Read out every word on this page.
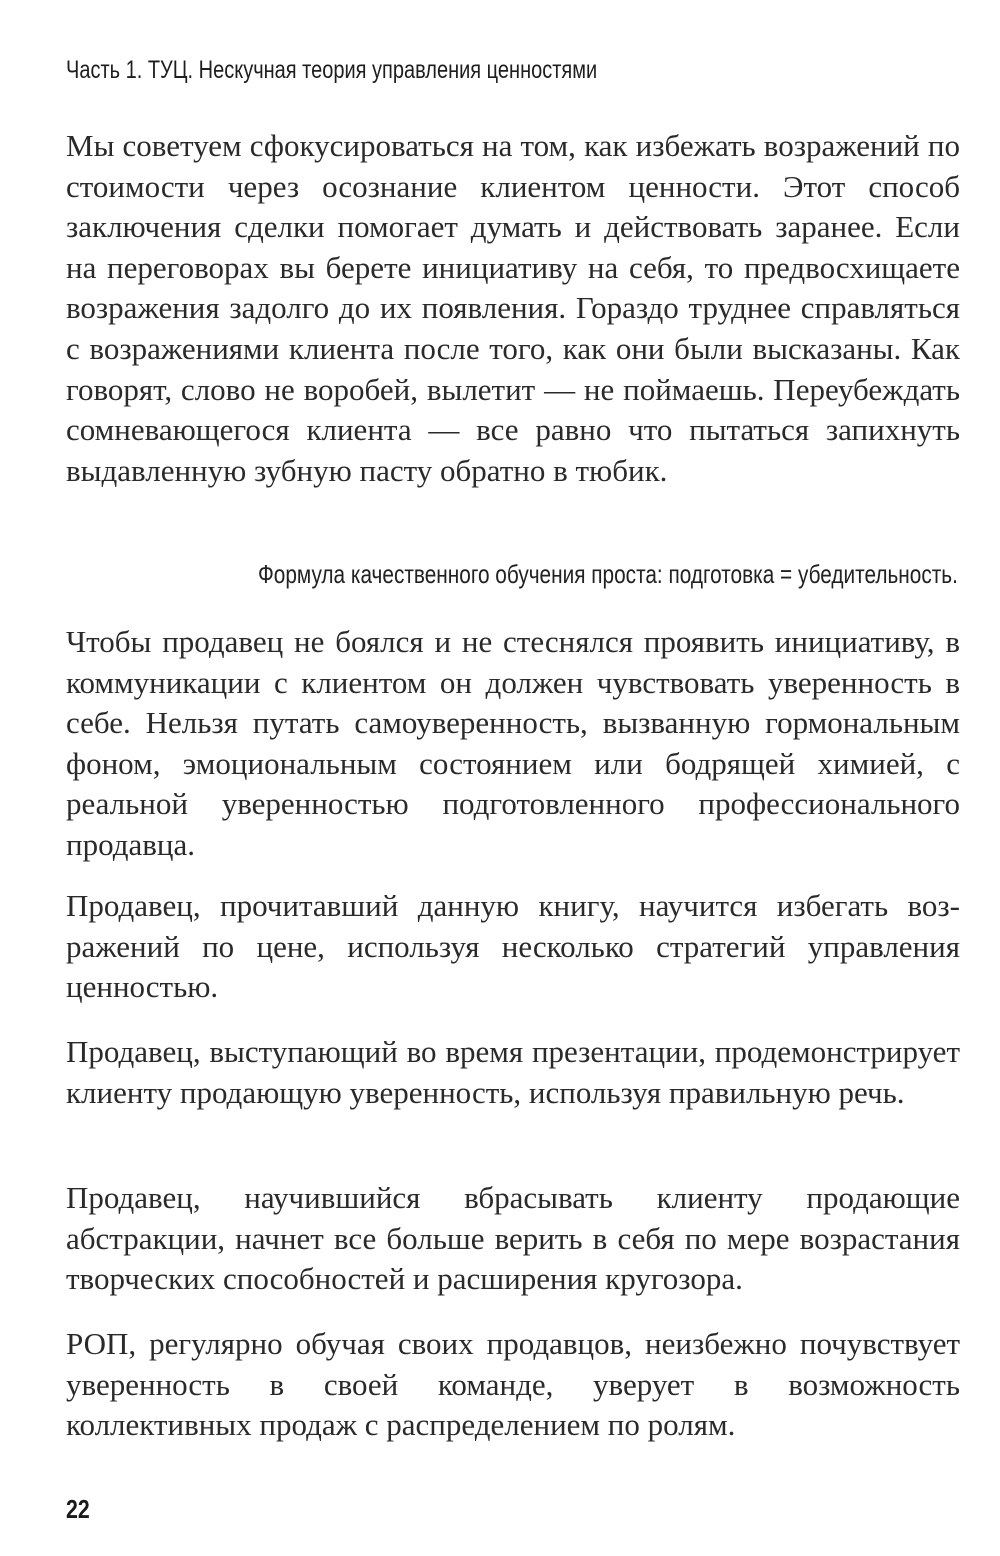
Часть 1. ТУЦ. Нескучная теория управления ценностями

Мы советуем сфокусироваться на том, как избежать возражений по стоимости через осознание клиентом ценности. Этот способ заключения сделки помогает думать и действовать заранее. Если на переговорах вы берете инициативу на себя, то предвосхищаете возражения задолго до их появления. Гораздо труднее справляться с возражениями клиента после того, как они были высказаны. Как говорят, слово не воробей, вылетит — не поймаешь. Переубеждать сомневающегося клиента — все равно что пытаться запихнуть выдавленную зубную пасту обратно в тюбик.

Формула качественного обучения проста: подготовка = убедительность.

Чтобы продавец не боялся и не стеснялся проявить инициативу, в коммуникации с клиентом он должен чувствовать уверенность в себе. Нельзя путать самоуверенность, вызванную гормональным фоном, эмоциональным состоянием или бодрящей химией, с реальной уверенностью подготовленного профессионального продавца.

Продавец, прочитавший данную книгу, научится избегать возражений по цене, используя несколько стратегий управления ценностью.

Продавец, выступающий во время презентации, продемонстрирует клиенту продающую уверенность, используя правильную речь.

Продавец, научившийся вбрасывать клиенту продающие абстракции, начнет все больше верить в себя по мере возрастания творческих способностей и расширения кругозора.

РОП, регулярно обучая своих продавцов, неизбежно почувствует уверенность в своей команде, уверует в возможность коллективных продаж с распределением по ролям.

22
